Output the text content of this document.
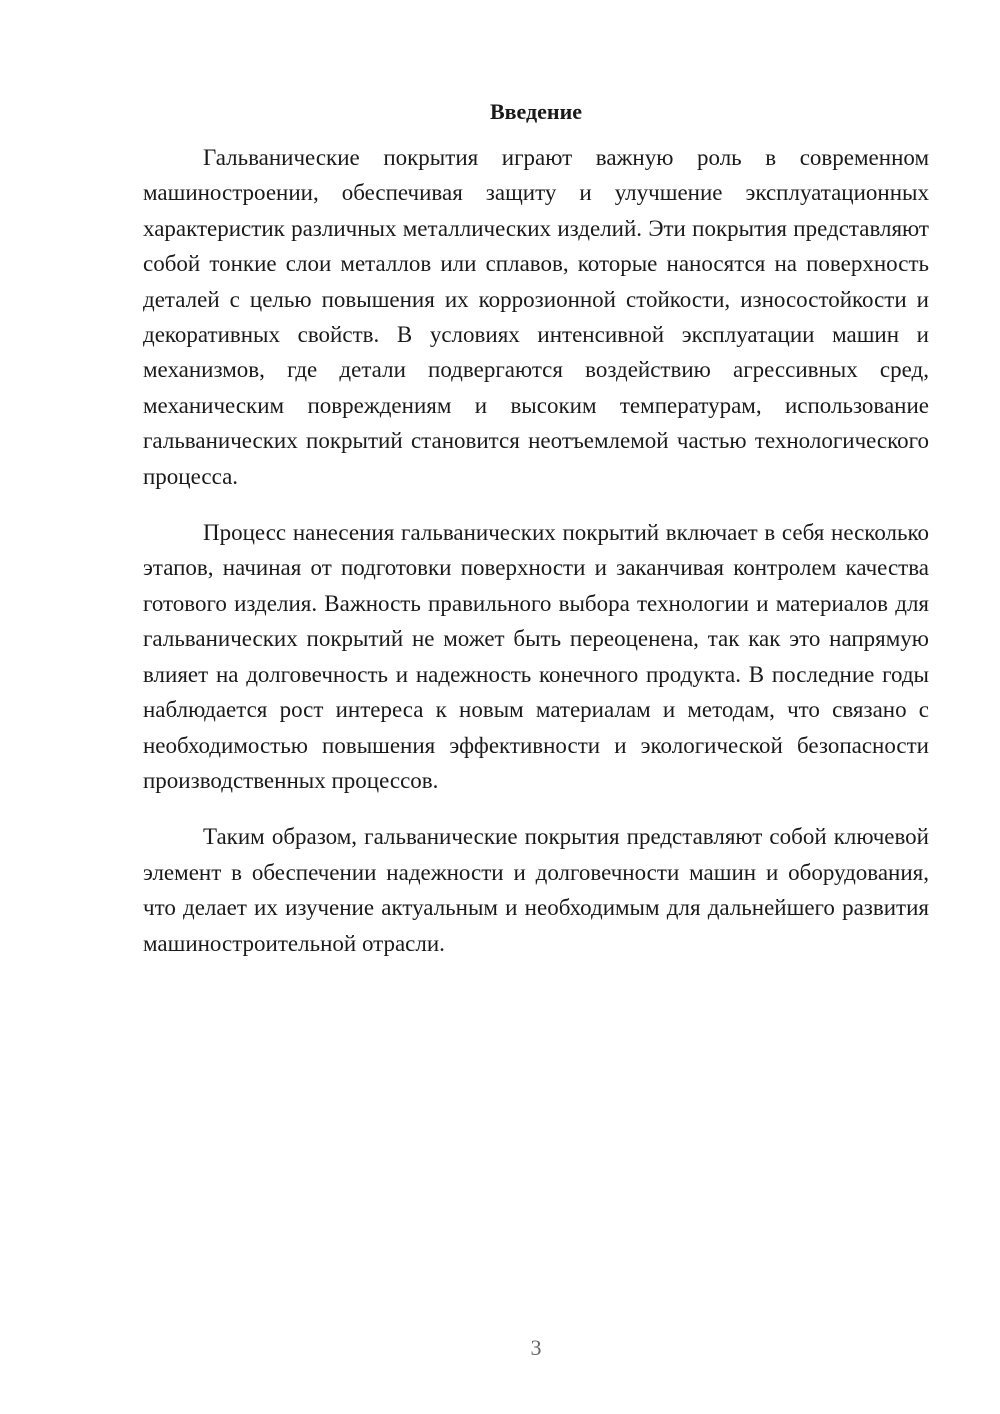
Введение

Гальванические покрытия играют важную роль в современном машиностроении, обеспечивая защиту и улучшение эксплуатационных характеристик различных металлических изделий. Эти покрытия представляют собой тонкие слои металлов или сплавов, которые наносятся на поверхность деталей с целью повышения их коррозионной стойкости, износостойкости и декоративных свойств. В условиях интенсивной эксплуатации машин и механизмов, где детали подвергаются воздействию агрессивных сред, механическим повреждениям и высоким температурам, использование гальванических покрытий становится неотъемлемой частью технологического процесса.

Процесс нанесения гальванических покрытий включает в себя несколько этапов, начиная от подготовки поверхности и заканчивая контролем качества готового изделия. Важность правильного выбора технологии и материалов для гальванических покрытий не может быть переоценена, так как это напрямую влияет на долговечность и надежность конечного продукта. В последние годы наблюдается рост интереса к новым материалам и методам, что связано с необходимостью повышения эффективности и экологической безопасности производственных процессов.

Таким образом, гальванические покрытия представляют собой ключевой элемент в обеспечении надежности и долговечности машин и оборудования, что делает их изучение актуальным и необходимым для дальнейшего развития машиностроительной отрасли.

3
